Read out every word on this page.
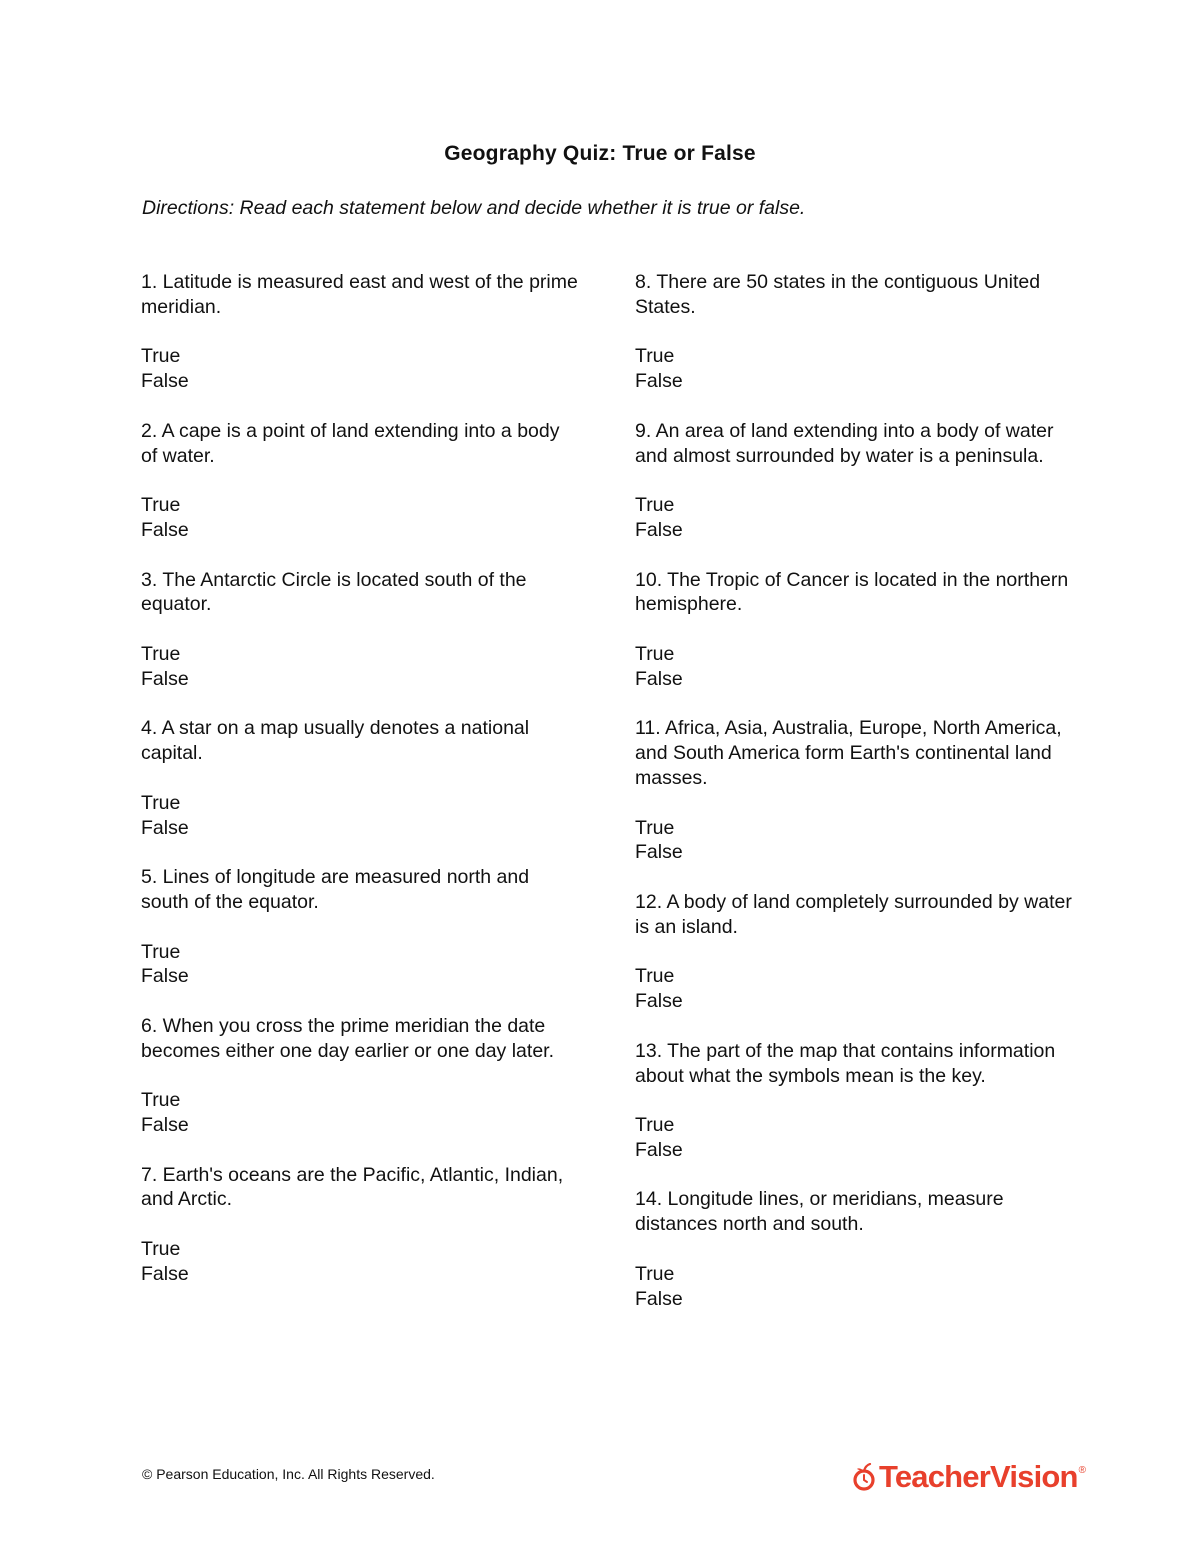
Geography Quiz: True or False
Directions: Read each statement below and decide whether it is true or false.
1. Latitude is measured east and west of the prime meridian.
True
False
2. A cape is a point of land extending into a body of water.
True
False
3. The Antarctic Circle is located south of the equator.
True
False
4. A star on a map usually denotes a national capital.
True
False
5. Lines of longitude are measured north and south of the equator.
True
False
6. When you cross the prime meridian the date becomes either one day earlier or one day later.
True
False
7. Earth's oceans are the Pacific, Atlantic, Indian, and Arctic.
True
False
8. There are 50 states in the contiguous United States.
True
False
9. An area of land extending into a body of water and almost surrounded by water is a peninsula.
True
False
10. The Tropic of Cancer is located in the northern hemisphere.
True
False
11. Africa, Asia, Australia, Europe, North America, and South America form Earth's continental land masses.
True
False
12. A body of land completely surrounded by water is an island.
True
False
13. The part of the map that contains information about what the symbols mean is the key.
True
False
14. Longitude lines, or meridians, measure distances north and south.
True
False
© Pearson Education, Inc. All Rights Reserved.	TeacherVision ®
